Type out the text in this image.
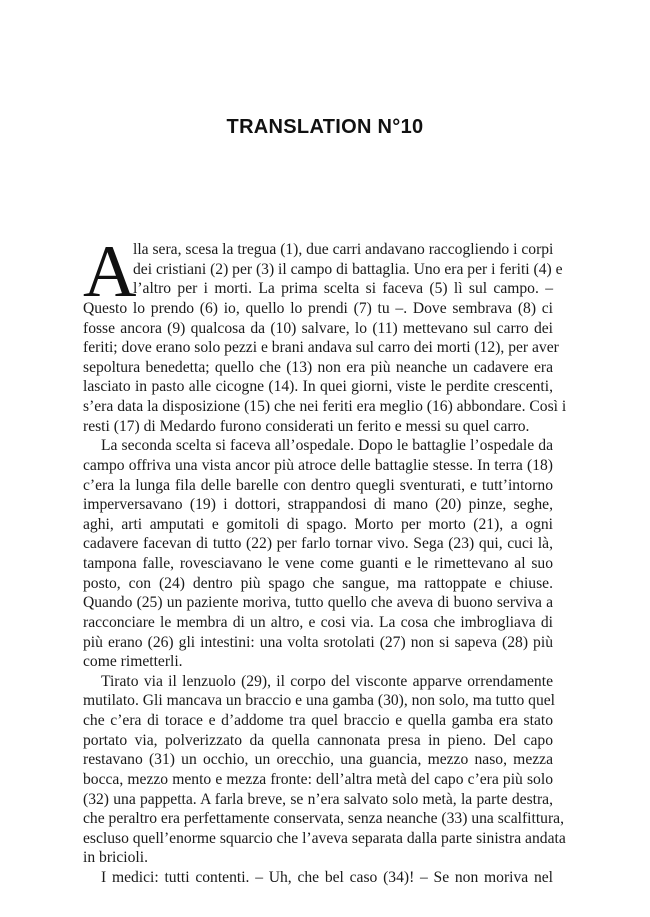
TRANSLATION N°10
A
lla sera, scesa la tregua (1), due carri andavano raccogliendo i corpi
dei cristiani (2) per (3) il campo di battaglia. Uno era per i feriti (4) e
l’altro per i morti. La prima scelta si faceva (5) lì sul campo. –
Questo lo prendo (6) io, quello lo prendi (7) tu –. Dove sembrava (8) ci
fosse ancora (9) qualcosa da (10) salvare, lo (11) mettevano sul carro dei
feriti; dove erano solo pezzi e brani andava sul carro dei morti (12), per aver
sepoltura benedetta; quello che (13) non era più neanche un cadavere era
lasciato in pasto alle cicogne (14). In quei giorni, viste le perdite crescenti,
s’era data la disposizione (15) che nei feriti era meglio (16) abbondare. Così i
resti (17) di Medardo furono considerati un ferito e messi su quel carro.
La seconda scelta si faceva all’ospedale. Dopo le battaglie l’ospedale da
campo offriva una vista ancor più atroce delle battaglie stesse. In terra (18)
c’era la lunga fila delle barelle con dentro quegli sventurati, e tutt’intorno
imperversavano (19) i dottori, strappandosi di mano (20) pinze, seghe,
aghi, arti amputati e gomitoli di spago. Morto per morto (21), a ogni
cadavere facevan di tutto (22) per farlo tornar vivo. Sega (23) qui, cuci là,
tampona falle, rovesciavano le vene come guanti e le rimettevano al suo
posto, con (24) dentro più spago che sangue, ma rattoppate e chiuse.
Quando (25) un paziente moriva, tutto quello che aveva di buono serviva a
racconciare le membra di un altro, e cosi via. La cosa che imbrogliava di
più erano (26) gli intestini: una volta srotolati (27) non si sapeva (28) più
come rimetterli.
Tirato via il lenzuolo (29), il corpo del visconte apparve orrendamente
mutilato. Gli mancava un braccio e una gamba (30), non solo, ma tutto quel
che c’era di torace e d’addome tra quel braccio e quella gamba era stato
portato via, polverizzato da quella cannonata presa in pieno. Del capo
restavano (31) un occhio, un orecchio, una guancia, mezzo naso, mezza
bocca, mezzo mento e mezza fronte: dell’altra metà del capo c’era più solo
(32) una pappetta. A farla breve, se n’era salvato solo metà, la parte destra,
che peraltro era perfettamente conservata, senza neanche (33) una scalfittura,
escluso quell’enorme squarcio che l’aveva separata dalla parte sinistra andata
in briciolі.
I medici: tutti contenti. – Uh, che bel caso (34)! – Se non moriva nel
